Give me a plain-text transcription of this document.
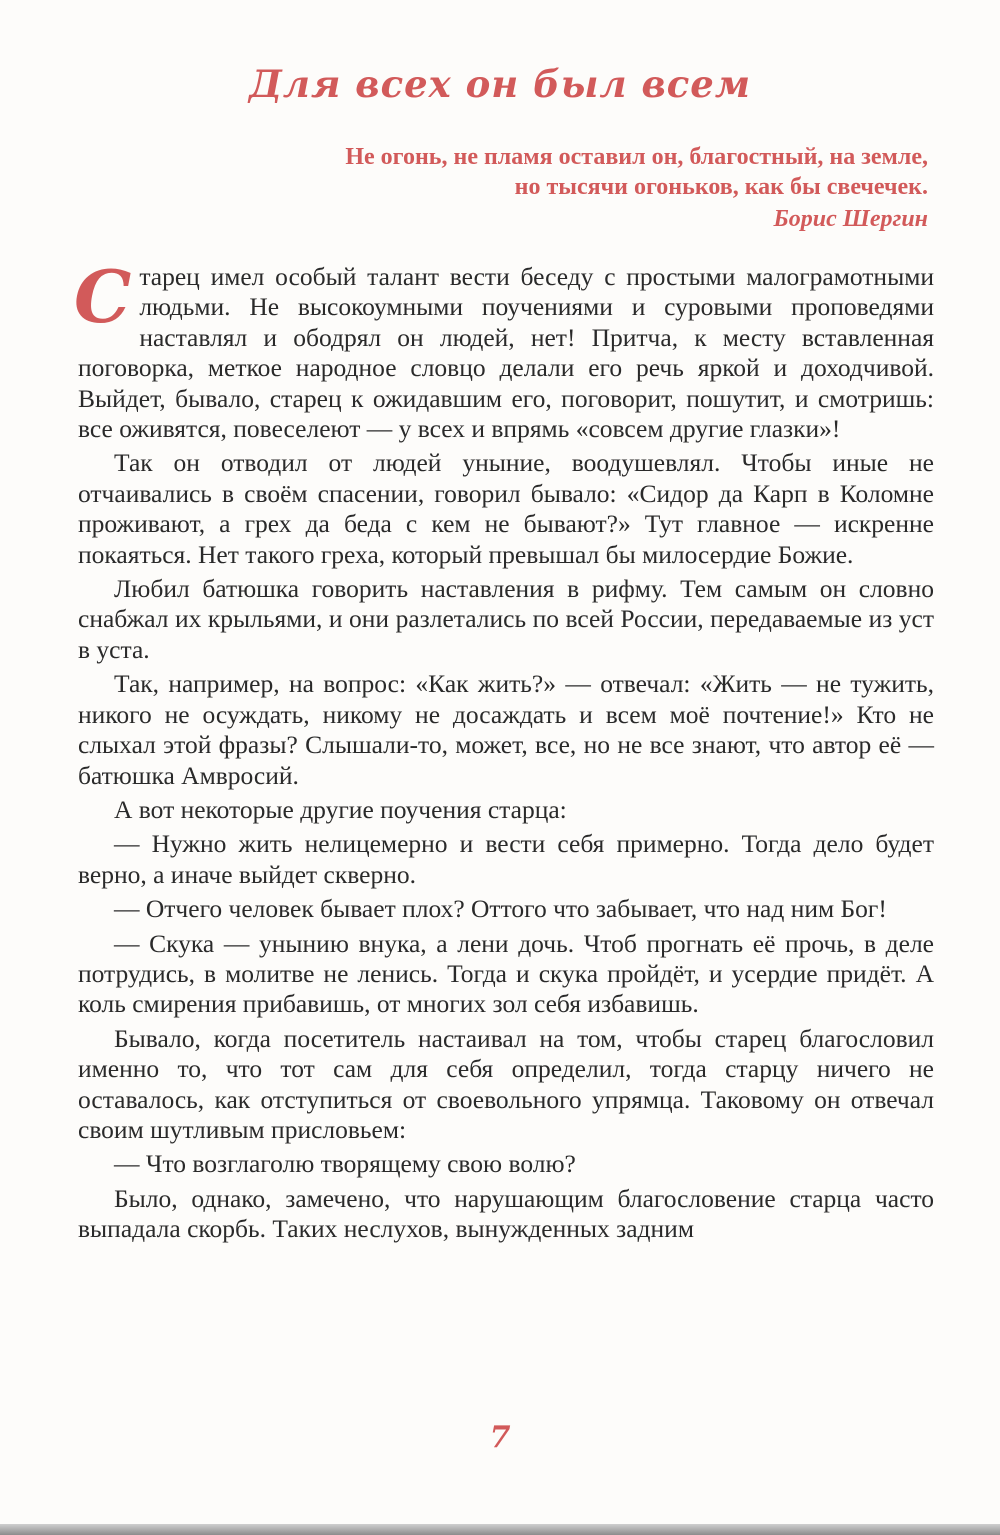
Для всех он был всем
Не огонь, не пламя оставил он, благостный, на земле,
но тысячи огоньков, как бы свечечек.
Борис Шергин

Старец имел особый талант вести беседу с простыми малограмотными людьми. Не высокоумными поучениями и суровыми проповедями наставлял и ободрял он людей, нет! Притча, к месту вставленная поговорка, меткое народное словцо делали его речь яркой и доходчивой. Выйдет, бывало, старец к ожидавшим его, поговорит, пошутит, и смотришь: все оживятся, повеселеют — у всех и впрямь «совсем другие глазки»!

Так он отводил от людей уныние, воодушевлял. Чтобы иные не отчаивались в своём спасении, говорил бывало: «Сидор да Карп в Коломне проживают, а грех да беда с кем не бывают?» Тут главное — искренне покаяться. Нет такого греха, который превышал бы милосердие Божие.

Любил батюшка говорить наставления в рифму. Тем самым он словно снабжал их крыльями, и они разлетались по всей России, передаваемые из уст в уста.

Так, например, на вопрос: «Как жить?» — отвечал: «Жить — не тужить, никого не осуждать, никому не досаждать и всем моё почтение!» Кто не слыхал этой фразы? Слышали-то, может, все, но не все знают, что автор её — батюшка Амвросий.

А вот некоторые другие поучения старца:

— Нужно жить нелицемерно и вести себя примерно. Тогда дело будет верно, а иначе выйдет скверно.

— Отчего человек бывает плох? Оттого что забывает, что над ним Бог!

— Скука — унынию внука, а лени дочь. Чтоб прогнать её прочь, в деле потрудись, в молитве не ленись. Тогда и скука пройдёт, и усердие придёт. А коль смирения прибавишь, от многих зол себя избавишь.

Бывало, когда посетитель настаивал на том, чтобы старец благословил именно то, что тот сам для себя определил, тогда старцу ничего не оставалось, как отступиться от своевольного упрямца. Таковому он отвечал своим шутливым присловьем:

— Что возглаголю творящему свою волю?

Было, однако, замечено, что нарушающим благословение старца часто выпадала скорбь. Таких неслухов, вынужденных задним

7
